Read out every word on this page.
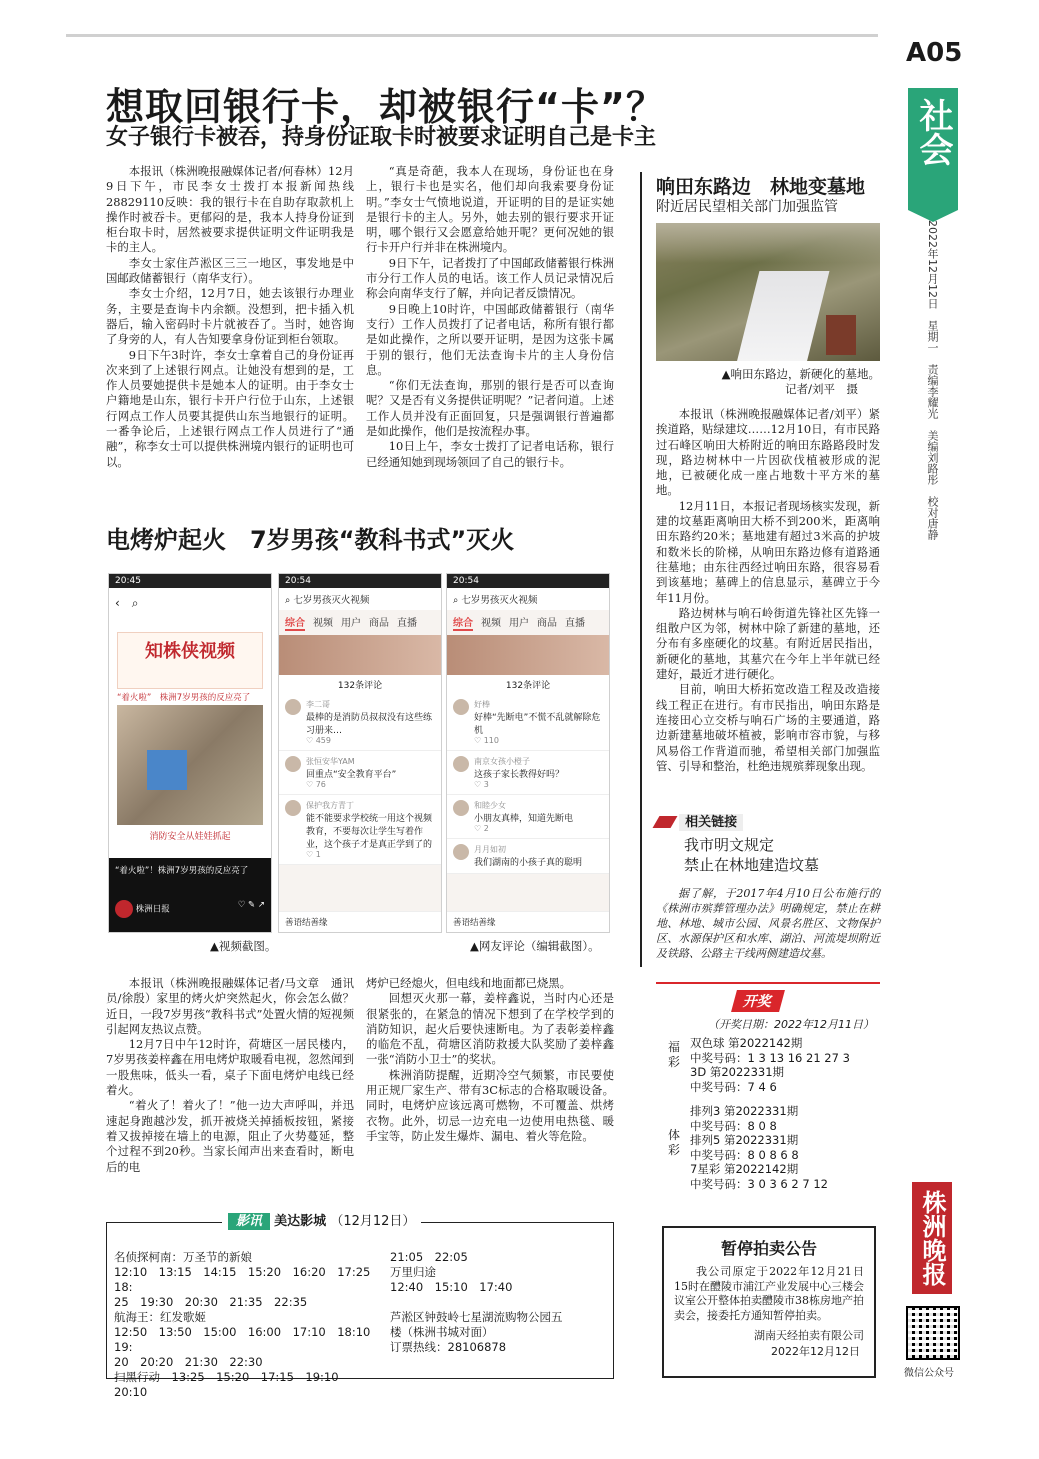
A05
社会
2022年12月12日　星期一　责编李耀光　美编刘路彤　校对唐静
想取回银行卡，却被银行“卡”？
女子银行卡被吞，持身份证取卡时被要求证明自己是卡主

本报讯（株洲晚报融媒体记者/何春林）12月9日下午，市民李女士拨打本报新闻热线28829110反映：我的银行卡在自助存取款机上操作时被吞卡。更郁闷的是，我本人持身份证到柜台取卡时，居然被要求提供证明文件证明我是卡的主人。

李女士家住芦淞区三三一地区，事发地是中国邮政储蓄银行（南华支行）。

李女士介绍，12月7日，她去该银行办理业务，主要是查询卡内余额。没想到，把卡插入机器后，输入密码时卡片就被吞了。当时，她咨询了身旁的人，有人告知要拿身份证到柜台领取。

9日下午3时许，李女士拿着自己的身份证再次来到了上述银行网点。让她没有想到的是，工作人员要她提供卡是她本人的证明。由于李女士户籍地是山东，银行卡开户行位于山东，上述银行网点工作人员要其提供山东当地银行的证明。一番争论后，上述银行网点工作人员进行了“通融”，称李女士可以提供株洲境内银行的证明也可以。

“真是奇葩，我本人在现场，身份证也在身上，银行卡也是实名，他们却向我索要身份证明。”李女士气愤地说道，开证明的目的是证实她是银行卡的主人。另外，她去别的银行要求开证明，哪个银行又会愿意给她开呢？更何况她的银行卡开户行并非在株洲境内。

9日下午，记者拨打了中国邮政储蓄银行株洲市分行工作人员的电话。该工作人员记录情况后称会向南华支行了解，并向记者反馈情况。

9日晚上10时许，中国邮政储蓄银行（南华支行）工作人员拨打了记者电话，称所有银行都是如此操作，之所以要开证明，是因为这张卡属于别的银行，他们无法查询卡片的主人身份信息。

“你们无法查询，那别的银行是否可以查询呢？又是否有义务提供证明呢？”记者问道。上述工作人员并没有正面回复，只是强调银行普遍都是如此操作，他们是按流程办事。

10日上午，李女士拨打了记者电话称，银行已经通知她到现场领回了自己的银行卡。

响田东路边　林地变墓地
附近居民望相关部门加强监管
▲响田东路边，新硬化的墓地。
记者/刘平　摄

本报讯（株洲晚报融媒体记者/刘平）紧挨道路，贴绿建坟……12月10日，有市民路过石峰区响田大桥附近的响田东路路段时发现，路边树林中一片因砍伐植被形成的泥地，已被硬化成一座占地数十平方米的墓地。

12月11日，本报记者现场核实发现，新建的坟墓距离响田大桥不到200米，距离响田东路约20米；墓地建有超过3米高的护坡和数米长的阶梯，从响田东路边修有道路通往墓地；由东往西经过响田东路，很容易看到该墓地；墓碑上的信息显示，墓碑立于今年11月份。

路边树林与响石岭街道先锋社区先锋一组散户区为邻，树林中除了新建的墓地，还分布有多座硬化的坟墓。有附近居民指出，新硬化的墓地，其墓穴在今年上半年就已经建好，最近才进行硬化。

目前，响田大桥拓宽改造工程及改造接线工程正在进行。有市民指出，响田东路是连接田心立交桥与响石广场的主要通道，路边新建墓地破坏植被，影响市容市貌，与移风易俗工作背道而驰，希望相关部门加强监管、引导和整治，杜绝违规殡葬现象出现。

相关链接
我市明文规定
禁止在林地建造坟墓
据了解，于2017年4月10日公布施行的《株洲市殡葬管理办法》明确规定，禁止在耕地、林地、城市公园、风景名胜区、文物保护区、水源保护区和水库、湖泊、河流堤坝附近及铁路、公路主干线两侧建造坟墓。
电烤炉起火　7岁男孩“教科书式”灭火
20:45
‹　⌕
知株侠视频
“着火啦”　株洲7岁男孩的反应亮了
消防安全从娃娃抓起
“着火啦”！株洲7岁男孩的反应亮了
株洲日报	♡ ✎ ↗
20:54
⌕ 七岁男孩灭火视频
综合 视频 用户 商品 直播
132条评论
李二哥
最棒的是消防员叔叔没有这些练习册来…
♡ 459
张恒安华YAM
回重点“安全教育平台”
♡ 76
保护我方青丁
能不能要求学校统一用这个视频教育，不要每次让学生写着作业，这个孩子才是真正学到了的
♡ 1
善语结善缘
20:54
⌕ 七岁男孩灭火视频
综合 视频 用户 商品 直播
132条评论
好棒
好棒“先断电”不慌不乱就解除危机
♡ 110
南京女孩小橙子
这孩子家长教得好吗？
♡ 3
和睦少女
小朋友真棒，知道先断电
♡ 2
月月如初
我们湖南的小孩子真的聪明
善语结善缘
▲视频截图。	▲网友评论（编辑截图）。

本报讯（株洲晚报融媒体记者/马文章　通讯员/徐殷）家里的烤火炉突然起火，你会怎么做？近日，一段7岁男孩“教科书式”处置火情的短视频引起网友热议点赞。

12月7日中午12时许，荷塘区一居民楼内，7岁男孩姜梓鑫在用电烤炉取暖看电视，忽然闻到一股焦味，低头一看，桌子下面电烤炉电线已经着火。

“着火了！着火了！”他一边大声呼叫，并迅速起身跑越沙发，抓开被烧关掉插板按钮，紧接着又拔掉接在墙上的电源，阻止了火势蔓延，整个过程不到20秒。当家长闻声出来查看时，断电后的电

烤炉已经熄火，但电线和地面都已烧黑。

回想灭火那一幕，姜梓鑫说，当时内心还是很紧张的，在紧急的情况下想到了在学校学到的消防知识，起火后要快速断电。为了表彰姜梓鑫的临危不乱，荷塘区消防救援大队奖励了姜梓鑫一张“消防小卫士”的奖状。

株洲消防提醒，近期冷空气频繁，市民要使用正规厂家生产、带有3C标志的合格取暖设备。同时，电烤炉应该远离可燃物，不可覆盖、烘烤衣物。此外，切忌一边充电一边使用电热毯、暖手宝等，防止发生爆炸、漏电、着火等危险。

开奖
（开奖日期：2022年12月11日）
福彩
双色球 第2022142期
中奖号码：1 3 13 16 21 27 3
3D 第2022331期
中奖号码：7 4 6
体彩
排列3 第2022331期
中奖号码：8 0 8
排列5 第2022331期
中奖号码：8 0 8 6 8
7星彩 第2022142期
中奖号码：3 0 3 6 2 7 12
影讯 美达影城 （12月12日）
名侦探柯南：万圣节的新娘
12:10　13:15　14:15　15:20　16:20　17:25　18:
25　19:30　20:30　21:35　22:35
航海王：红发歌姬
12:50　13:50　15:00　16:00　17:10　18:10　19:
20　20:20　21:30　22:30
扫黑行动　13:25　15:20　17:15　19:10　20:10
21:05　22:05
万里归途
12:40　15:10　17:40
芦淞区钟鼓岭七星湖流购物公园五
楼（株洲书城对面）
订票热线：28106878
暂停拍卖公告
我公司原定于2022年12月21日15时在醴陵市浦江产业发展中心三楼会议室公开整体拍卖醴陵市38栋房地产拍卖会，接委托方通知暂停拍卖。
湖南天经拍卖有限公司
2022年12月12日
株洲晚报
微信公众号
